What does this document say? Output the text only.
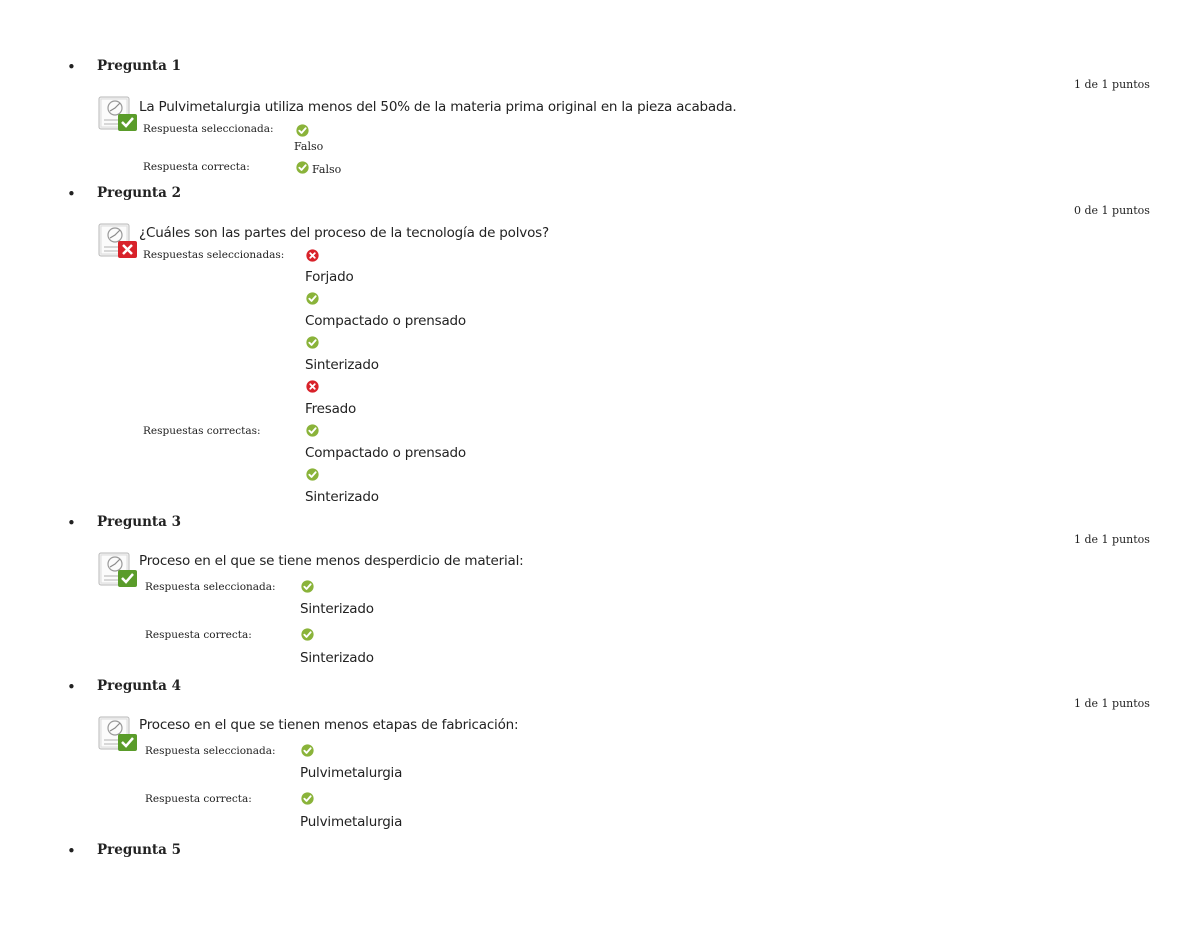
• Pregunta 1
1 de 1 puntos
La Pulvimetalurgia utiliza menos del 50% de la materia prima original en la pieza acabada.
Respuesta seleccionada:
Falso
Respuesta correcta:	Falso
• Pregunta 2
0 de 1 puntos
¿Cuáles son las partes del proceso de la tecnología de polvos?
Respuestas seleccionadas:
Forjado
Compactado o prensado
Sinterizado
Fresado
Respuestas correctas:
Compactado o prensado
Sinterizado
• Pregunta 3
1 de 1 puntos
Proceso en el que se tiene menos desperdicio de material:
Respuesta seleccionada:
Sinterizado
Respuesta correcta:
Sinterizado
• Pregunta 4
1 de 1 puntos
Proceso en el que se tienen menos etapas de fabricación:
Respuesta seleccionada:
Pulvimetalurgia
Respuesta correcta:
Pulvimetalurgia
• Pregunta 5
